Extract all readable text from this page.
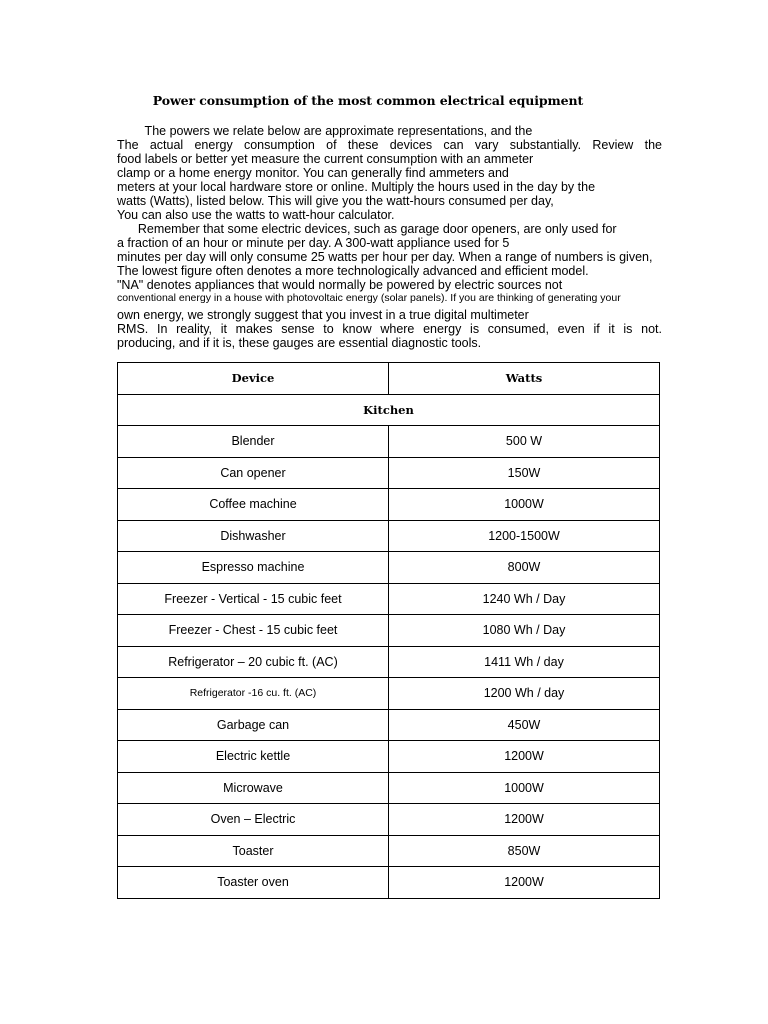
Power consumption of the most common electrical equipment
The powers we relate below are approximate representations, and the
The actual energy consumption of these devices can vary substantially. Review the
food labels or better yet measure the current consumption with an ammeter
clamp or a home energy monitor. You can generally find ammeters and
meters at your local hardware store or online. Multiply the hours used in the day by the
watts (Watts), listed below. This will give you the watt-hours consumed per day,
You can also use the watts to watt-hour calculator.
Remember that some electric devices, such as garage door openers, are only used for
a fraction of an hour or minute per day. A 300-watt appliance used for 5
minutes per day will only consume 25 watts per hour per day. When a range of numbers is given,
The lowest figure often denotes a more technologically advanced and efficient model.
"NA" denotes appliances that would normally be powered by electric sources not
conventional energy in a house with photovoltaic energy (solar panels). If you are thinking of generating your
own energy, we strongly suggest that you invest in a true digital multimeter
RMS. In reality, it makes sense to know where energy is consumed, even if it is not.
producing, and if it is, these gauges are essential diagnostic tools.
Device	Watts
Kitchen	
Blender	500 W
Can opener	150W
Coffee machine	1000W
Dishwasher	1200-1500W
Espresso machine	800W
Freezer - Vertical - 15 cubic feet	1240 Wh / Day
Freezer - Chest - 15 cubic feet	1080 Wh / Day
Refrigerator – 20 cubic ft. (AC)	1411 Wh / day
Refrigerator -16 cu. ft. (AC)	1200 Wh / day
Garbage can	450W
Electric kettle	1200W
Microwave	1000W
Oven – Electric	1200W
Toaster	850W
Toaster oven	1200W
